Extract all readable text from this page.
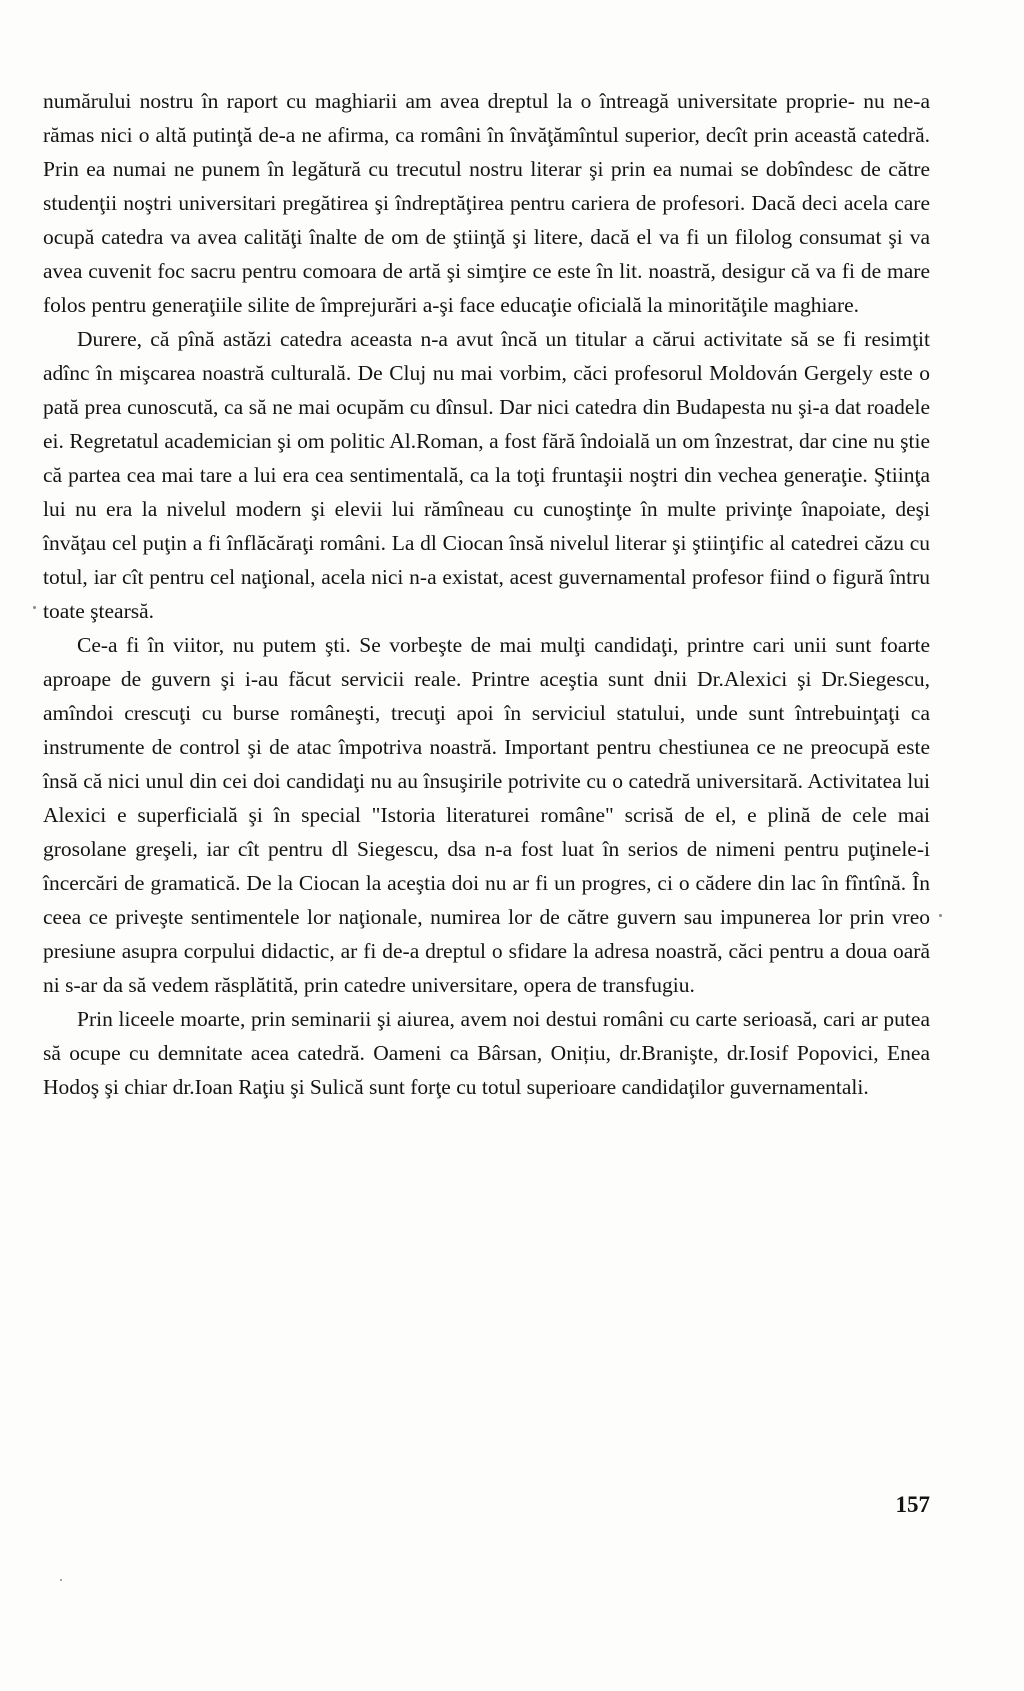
numărului nostru în raport cu maghiarii am avea dreptul la o întreagă universitate proprie- nu ne-a rămas nici o altă putinţă de-a ne afirma, ca români în învăţămîntul superior, decît prin această catedră. Prin ea numai ne punem în legătură cu trecutul nostru literar şi prin ea numai se dobîndesc de către studenţii noştri universitari pregătirea şi îndreptăţirea pentru cariera de profesori. Dacă deci acela care ocupă catedra va avea calităţi înalte de om de ştiinţă şi litere, dacă el va fi un filolog consumat şi va avea cuvenit foc sacru pentru comoara de artă şi simţire ce este în lit. noastră, desigur că va fi de mare folos pentru generaţiile silite de împrejurări a-şi face educaţie oficială la minorităţile maghiare.

Durere, că pînă astăzi catedra aceasta n-a avut încă un titular a cărui activitate să se fi resimţit adînc în mişcarea noastră culturală. De Cluj nu mai vorbim, căci profesorul Moldován Gergely este o pată prea cunoscută, ca să ne mai ocupăm cu dînsul. Dar nici catedra din Budapesta nu şi-a dat roadele ei. Regretatul academician şi om politic Al.Roman, a fost fără îndoială un om înzestrat, dar cine nu ştie că partea cea mai tare a lui era cea sentimentală, ca la toţi fruntaşii noştri din vechea generaţie. Ştiinţa lui nu era la nivelul modern şi elevii lui rămîneau cu cunoştinţe în multe privinţe înapoiate, deşi învăţau cel puţin a fi înflăcăraţi români. La dl Ciocan însă nivelul literar şi ştiinţific al catedrei căzu cu totul, iar cît pentru cel naţional, acela nici n-a existat, acest guvernamental profesor fiind o figură întru toate ştearsă.

Ce-a fi în viitor, nu putem şti. Se vorbeşte de mai mulţi candidaţi, printre cari unii sunt foarte aproape de guvern şi i-au făcut servicii reale. Printre aceştia sunt dnii Dr.Alexici şi Dr.Siegescu, amîndoi crescuţi cu burse româneşti, trecuţi apoi în serviciul statului, unde sunt întrebuinţaţi ca instrumente de control şi de atac împotriva noastră. Important pentru chestiunea ce ne preocupă este însă că nici unul din cei doi candidaţi nu au însuşirile potrivite cu o catedră universitară. Activitatea lui Alexici e superficială şi în special "Istoria literaturei române" scrisă de el, e plină de cele mai grosolane greşeli, iar cît pentru dl Siegescu, dsa n-a fost luat în serios de nimeni pentru puţinele-i încercări de gramatică. De la Ciocan la aceştia doi nu ar fi un progres, ci o cădere din lac în fîntînă. În ceea ce priveşte sentimentele lor naţionale, numirea lor de către guvern sau impunerea lor prin vreo presiune asupra corpului didactic, ar fi de-a dreptul o sfidare la adresa noastră, căci pentru a doua oară ni s-ar da să vedem răsplătită, prin catedre universitare, opera de transfugiu.

Prin liceele moarte, prin seminarii şi aiurea, avem noi destui români cu carte serioasă, cari ar putea să ocupe cu demnitate acea catedră. Oameni ca Bârsan, Onițiu, dr.Branişte, dr.Iosif Popovici, Enea Hodoş şi chiar dr.Ioan Raţiu şi Sulică sunt forţe cu totul superioare candidaţilor guvernamentali.

157
